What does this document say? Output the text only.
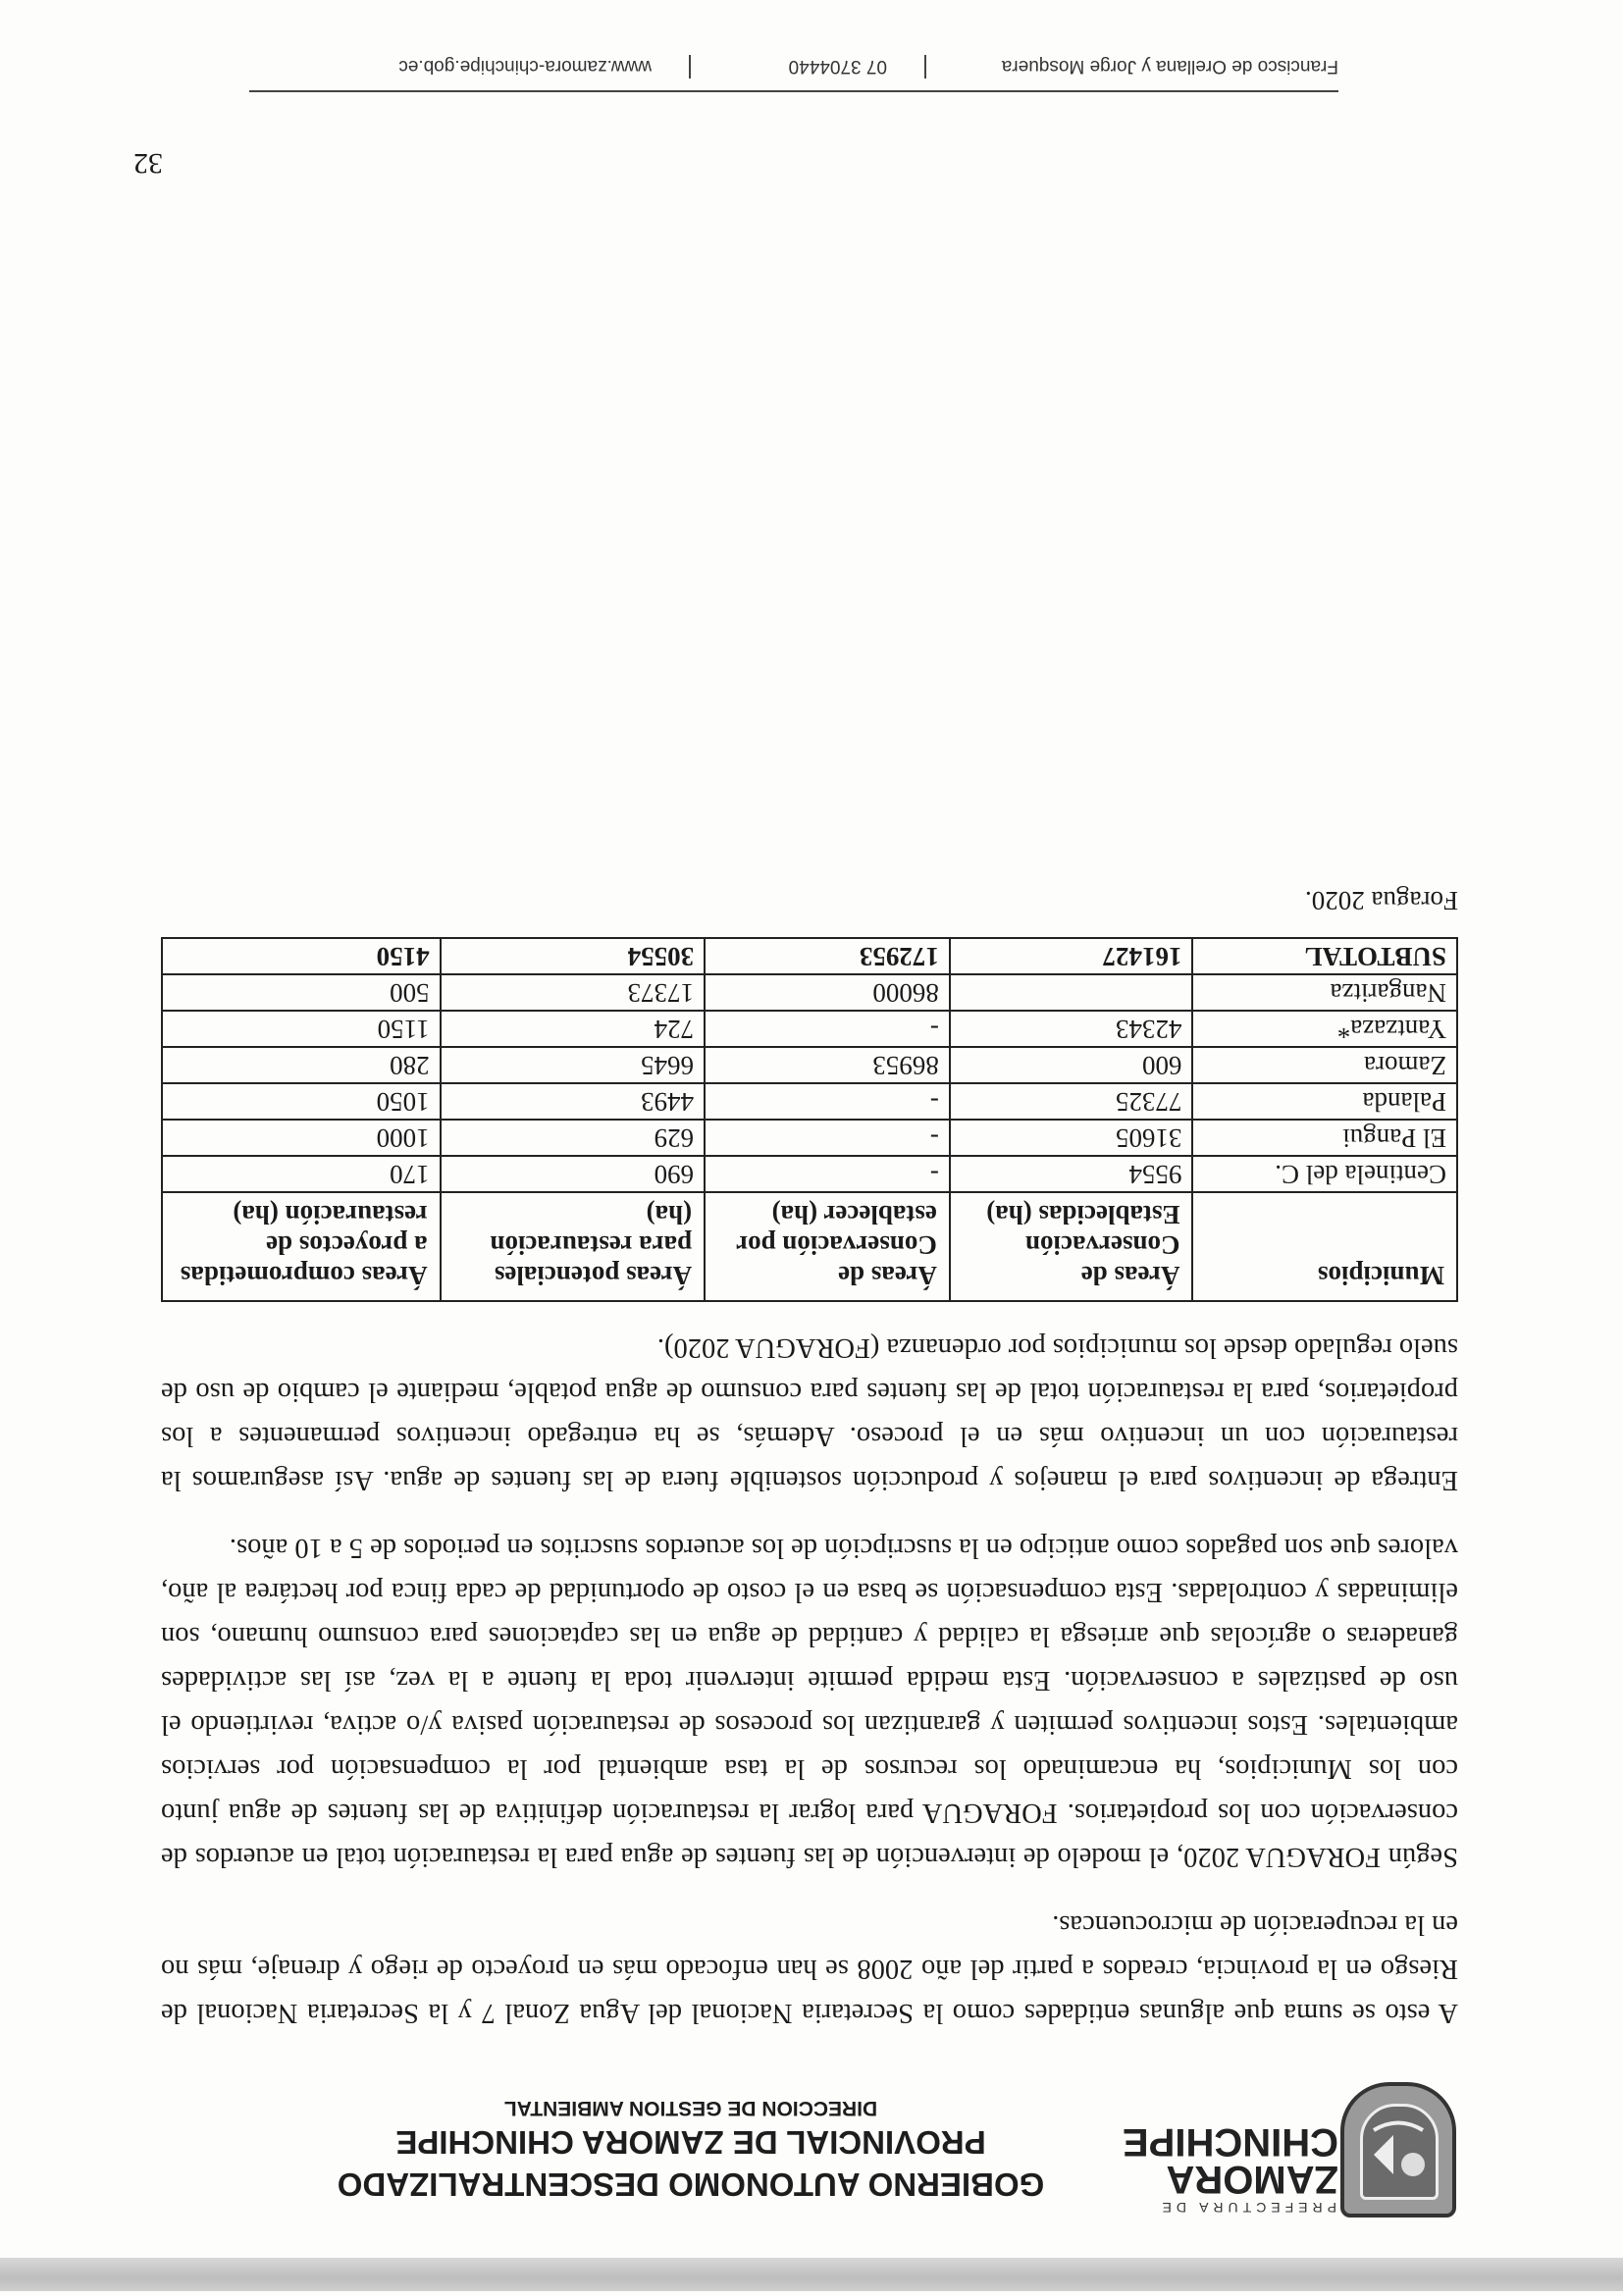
PREFECTURA DE
ZAMORA
CHINCHIPE
GOBIERNO AUTONOMO DESCENTRALIZADO
PROVINCIAL DE ZAMORA CHINCHIPE
DIRECCION DE GESTION AMBIENTAL

A esto se suma que algunas entidades como la Secretaria Nacional del Agua Zonal 7 y la Secretaria Nacional de Riesgo en la provincia, creados a partir del año 2008 se han enfocado más en proyecto de riego y drenaje, más no en la recuperación de microcuencas.

Según FORAGUA 2020, el modelo de intervención de las fuentes de agua para la restauración total en acuerdos de conservación con los propietarios. FORAGUA para lograr la restauración definitiva de las fuentes de agua junto con los Municipios, ha encaminado los recursos de la tasa ambiental por la compensación por servicios ambientales. Estos incentivos permiten y garantizan los procesos de restauración pasiva y/o activa, revirtiendo el uso de pastizales a conservación. Esta medida permite intervenir toda la fuente a la vez, así las actividades ganaderas o agrícolas que arriesga la calidad y cantidad de agua en las captaciones para consumo humano, son eliminadas y controladas. Esta compensación se basa en el costo de oportunidad de cada finca por hectárea al año, valores que son pagados como anticipo en la suscripción de los acuerdos suscritos en periodos de 5 a 10 años.

Entrega de incentivos para el manejos y producción sostenible fuera de las fuentes de agua. Así aseguramos la restauración con un incentivo más en el proceso. Además, se ha entregado incentivos permanentes a los propietarios, para la restauración total de las fuentes para consumo de agua potable, mediante el cambio de uso de suelo regulado desde los municipios por ordenanza (FORAGUA 2020).

Municipios	Áreas de Conservación Establecidas (ha)	Áreas de Conservación por establecer (ha)	Áreas potenciales para restauración (ha)	Áreas comprometidas a proyectos de restauración (ha)
Centinela del C.	9554	-	690	170
El Pangui	31605	-	629	1000
Palanda	77325	-	4493	1050
Zamora	600	86953	6645	280
Yantzaza*	42343	-	724	1150
Nangaritza		86000	17373	500
SUBTOTAL	161427	172953	30554	4150
Foragua 2020.
32
Francisco de Orellana y Jorge Mosquera
07 3704440
www.zamora-chinchipe.gob.ec
